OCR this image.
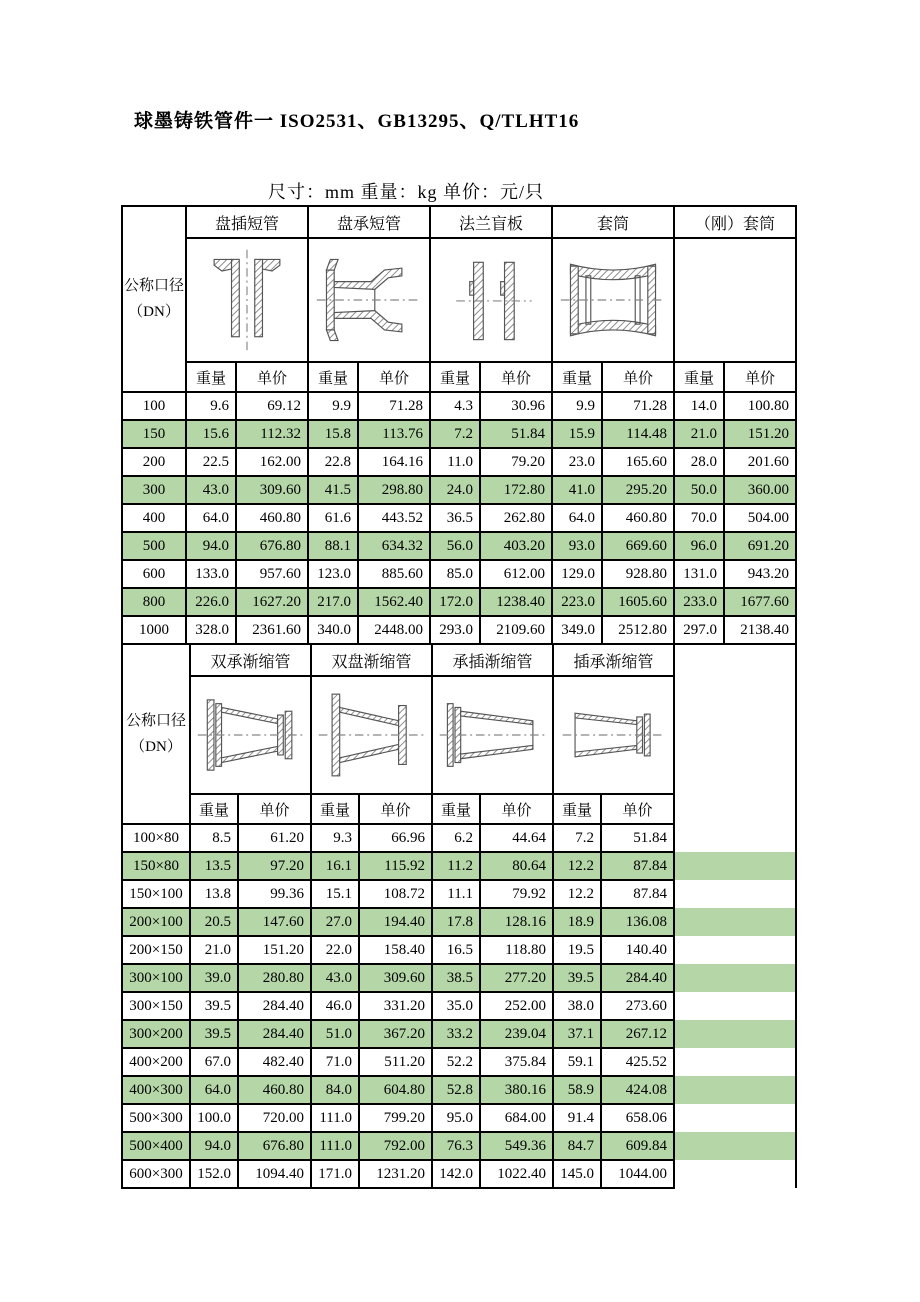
球墨铸铁管件一 ISO2531、GB13295、Q/TLHT16
尺寸：mm 重量：kg 单价：元/只
公称口径
（DN）	盘插短管		盘承短管		法兰盲板		套筒		（刚）套筒	

	重量	单价	重量	单价	重量	单价	重量	单价	重量	单价
100	9.6	69.12	9.9	71.28	4.3	30.96	9.9	71.28	14.0	100.80
150	15.6	112.32	15.8	113.76	7.2	51.84	15.9	114.48	21.0	151.20
200	22.5	162.00	22.8	164.16	11.0	79.20	23.0	165.60	28.0	201.60
300	43.0	309.60	41.5	298.80	24.0	172.80	41.0	295.20	50.0	360.00
400	64.0	460.80	61.6	443.52	36.5	262.80	64.0	460.80	70.0	504.00
500	94.0	676.80	88.1	634.32	56.0	403.20	93.0	669.60	96.0	691.20
600	133.0	957.60	123.0	885.60	85.0	612.00	129.0	928.80	131.0	943.20
800	226.0	1627.20	217.0	1562.40	172.0	1238.40	223.0	1605.60	233.0	1677.60
1000	328.0	2361.60	340.0	2448.00	293.0	2109.60	349.0	2512.80	297.0	2138.40
公称口径
（DN）	双承渐缩管		双盘渐缩管		承插渐缩管		插承渐缩管		

	重量	单价	重量	单价	重量	单价	重量	单价	
100×80	8.5	61.20	9.3	66.96	6.2	44.64	7.2	51.84	
150×80	13.5	97.20	16.1	115.92	11.2	80.64	12.2	87.84	
150×100	13.8	99.36	15.1	108.72	11.1	79.92	12.2	87.84	
200×100	20.5	147.60	27.0	194.40	17.8	128.16	18.9	136.08	
200×150	21.0	151.20	22.0	158.40	16.5	118.80	19.5	140.40	
300×100	39.0	280.80	43.0	309.60	38.5	277.20	39.5	284.40	
300×150	39.5	284.40	46.0	331.20	35.0	252.00	38.0	273.60	
300×200	39.5	284.40	51.0	367.20	33.2	239.04	37.1	267.12	
400×200	67.0	482.40	71.0	511.20	52.2	375.84	59.1	425.52	
400×300	64.0	460.80	84.0	604.80	52.8	380.16	58.9	424.08	
500×300	100.0	720.00	111.0	799.20	95.0	684.00	91.4	658.06	
500×400	94.0	676.80	111.0	792.00	76.3	549.36	84.7	609.84	
600×300	152.0	1094.40	171.0	1231.20	142.0	1022.40	145.0	1044.00	
